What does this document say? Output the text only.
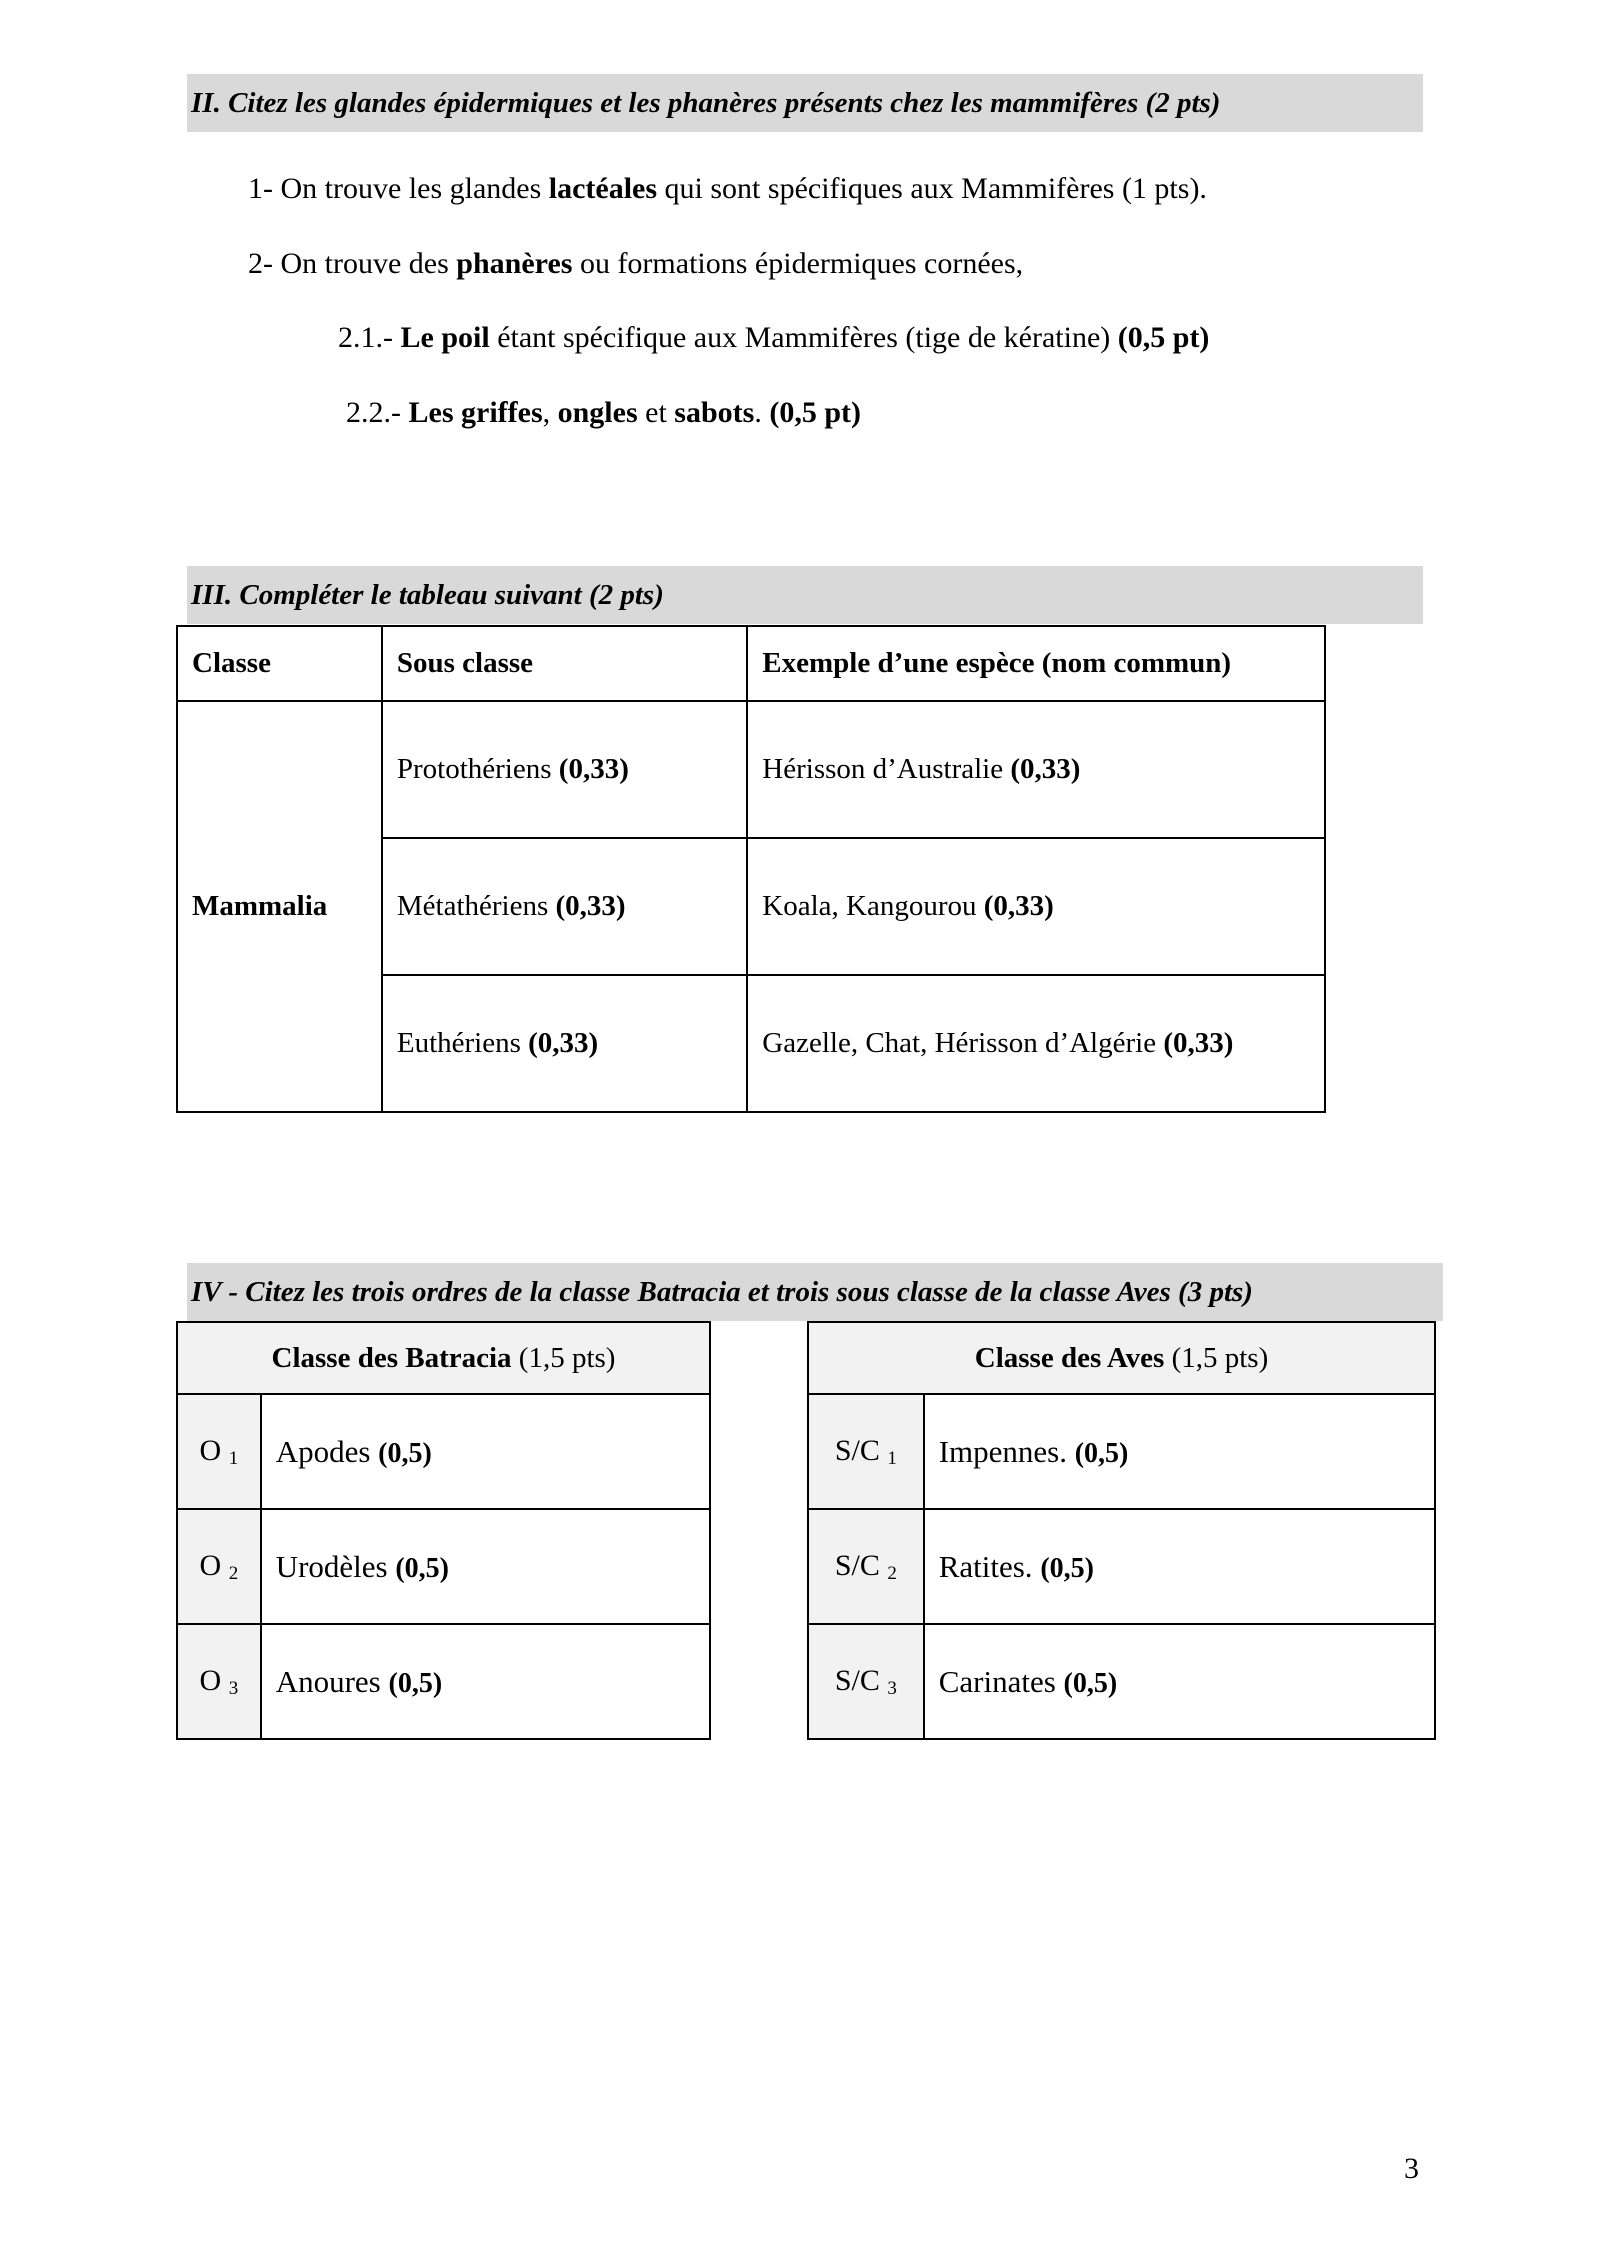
II. Citez les glandes épidermiques et les phanères présents chez les mammifères (2 pts)
1- On trouve les glandes lactéales qui sont spécifiques aux Mammifères (1 pts).
2- On trouve des phanères ou formations épidermiques cornées,
2.1.- Le poil étant spécifique aux Mammifères (tige de kératine) (0,5 pt)
2.2.- Les griffes, ongles et sabots. (0,5 pt)
III. Compléter le tableau suivant (2 pts)
Classe	Sous classe	Exemple d’une espèce (nom commun)
Mammalia	Protothériens (0,33)	Hérisson d’Australie (0,33)
	Métathériens (0,33)	Koala, Kangourou (0,33)
	Euthériens (0,33)	Gazelle, Chat, Hérisson d’Algérie (0,33)
IV - Citez les trois ordres de la classe Batracia et trois sous classe de la classe Aves (3 pts)
Classe des Batracia (1,5 pts)	
O $_1$	Apodes (0,5)
O $_2$	Urodèles (0,5)
O $_3$	Anoures (0,5)
Classe des Aves (1,5 pts)	
S/C $_1$	Impennes. (0,5)
S/C $_2$	Ratites. (0,5)
S/C $_3$	Carinates (0,5)
3
